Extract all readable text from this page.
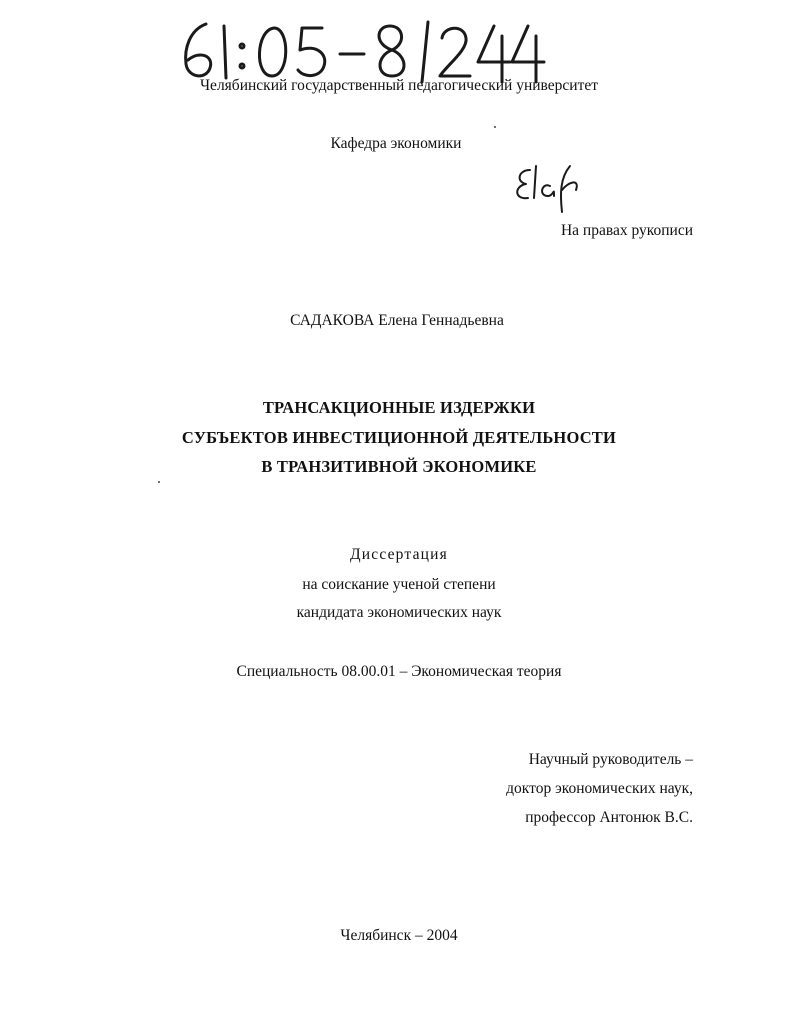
Челябинский государственный педагогический университет
Кафедра экономики
На правах рукописи
САДАКОВА Елена Геннадьевна
ТРАНСАКЦИОННЫЕ ИЗДЕРЖКИ
СУБЪЕКТОВ ИНВЕСТИЦИОННОЙ ДЕЯТЕЛЬНОСТИ
В ТРАНЗИТИВНОЙ ЭКОНОМИКЕ
Диссертация
на соискание ученой степени
кандидата экономических наук
Специальность 08.00.01 – Экономическая теория
Научный руководитель –
доктор экономических наук,
профессор Антонюк В.С.
Челябинск – 2004
